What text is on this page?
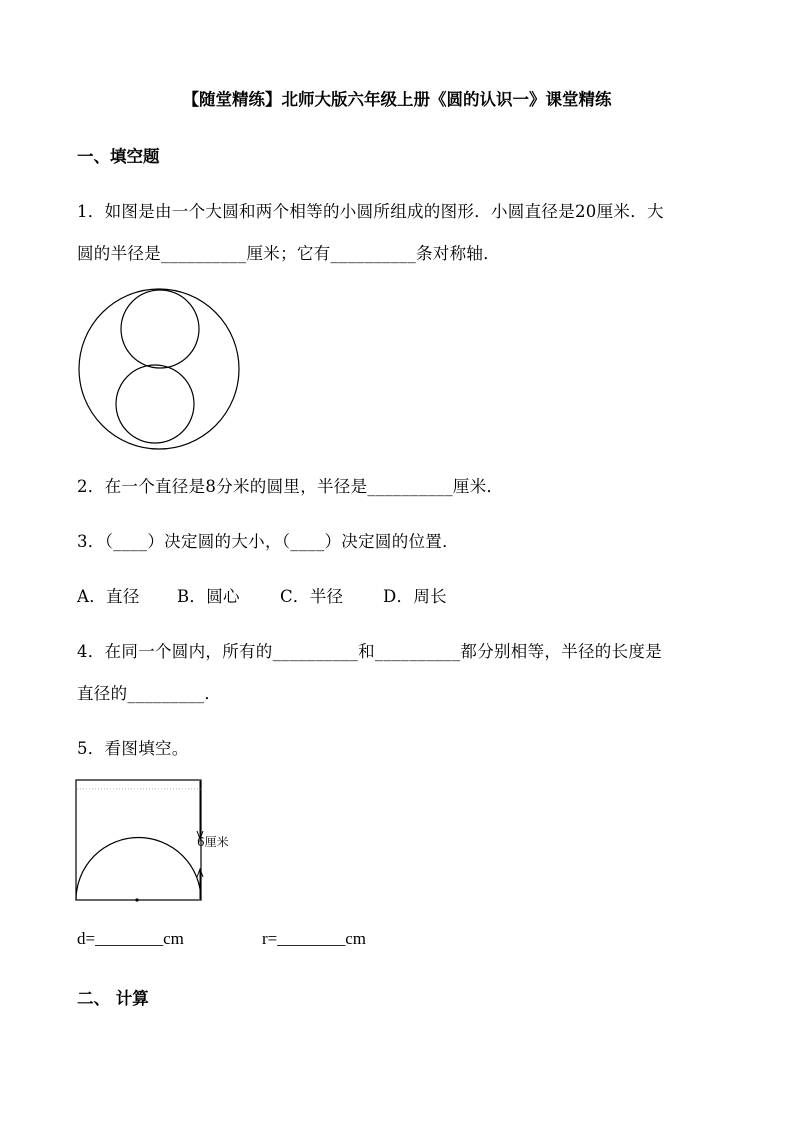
【随堂精练】北师大版六年级上册《圆的认识一》课堂精练
一、填空题
1．如图是由一个大圆和两个相等的小圆所组成的图形．小圆直径是20厘米．大
圆的半径是__________厘米；它有__________条对称轴．
2．在一个直径是8分米的圆里，半径是__________厘米．
3．（____）决定圆的大小，（____）决定圆的位置．
A．直径 B．圆心 C．半径 D．周长
4．在同一个圆内，所有的__________和__________都分别相等，半径的长度是
直径的_________．
5．看图填空。
6厘米
d=________cm	r=________cm
二、 计算
